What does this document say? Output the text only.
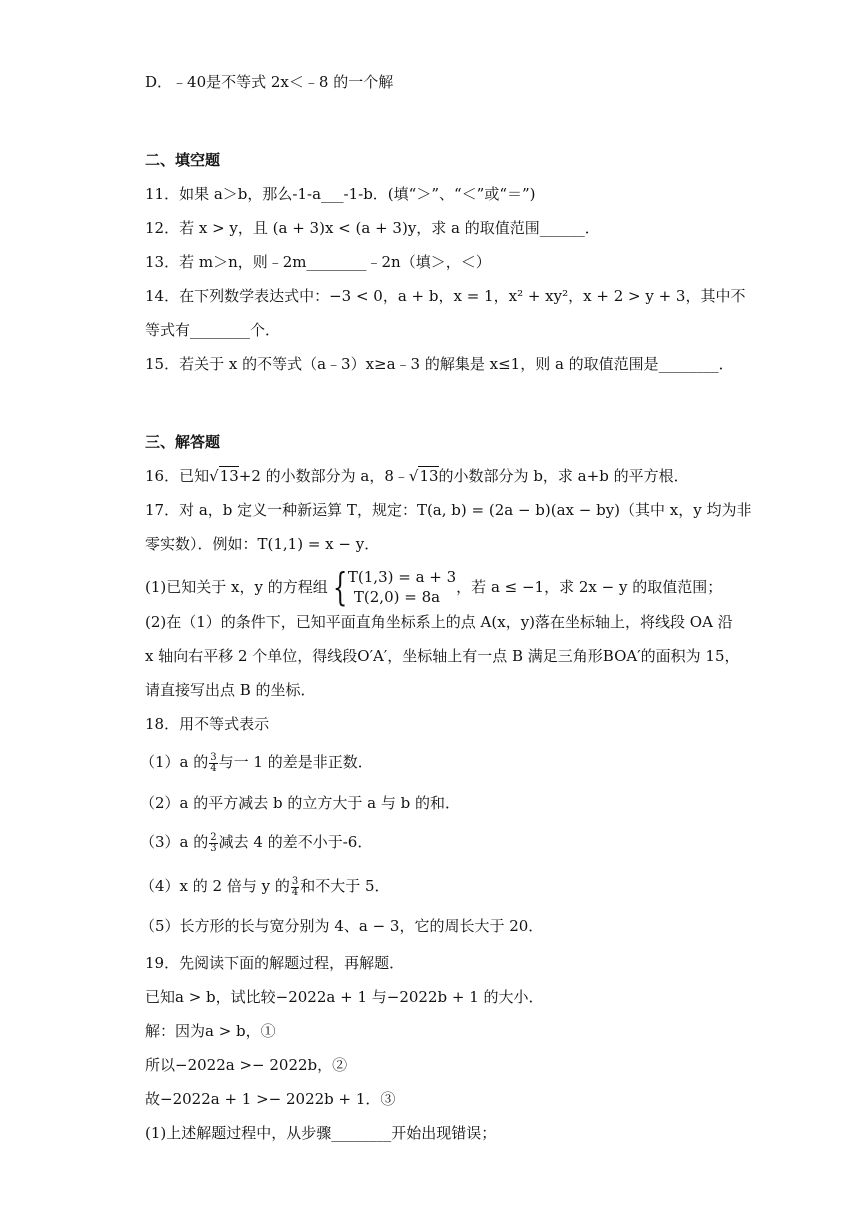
D．﹣40是不等式 2x＜﹣8 的一个解
二、填空题
11．如果 a＞b，那么-1-a___-1-b．(填“＞”、“＜”或“＝”)
12．若 x > y，且 (a + 3)x < (a + 3)y，求 a 的取值范围______．
13．若 m＞n，则﹣2m________﹣2n（填＞，＜）
14．在下列数学表达式中：−3 < 0，a + b，x = 1，x² + xy²，x + 2 > y + 3，其中不
等式有________个．
15．若关于 x 的不等式（a﹣3）x≥a﹣3 的解集是 x≤1，则 a 的取值范围是________．
三、解答题
16．已知√13+2 的小数部分为 a，8﹣√13的小数部分为 b，求 a+b 的平方根．
17．对 a，b 定义一种新运算 T，规定：T(a, b) = (2a − b)(ax − by)（其中 x，y 均为非
零实数）．例如：T(1,1) = x − y．
(1)已知关于 x，y 的方程组 { T(1,3) = a + 3
T(2,0) = 8a
，若 a ≤ −1，求 2x − y 的取值范围；
(2)在（1）的条件下，已知平面直角坐标系上的点 A(x，y)落在坐标轴上，将线段 OA 沿
x 轴向右平移 2 个单位，得线段O′A′，坐标轴上有一点 B 满足三角形BOA′的面积为 15，
请直接写出点 B 的坐标．
18．用不等式表示
（1）a 的 $\frac{3}{4}$ 与一 1 的差是非正数．
（2）a 的平方减去 b 的立方大于 a 与 b 的和．
（3）a 的 $\frac{2}{3}$ 减去 4 的差不小于-6．
（4）x 的 2 倍与 y 的 $\frac{3}{4}$ 和不大于 5．
（5）长方形的长与宽分别为 4、a − 3，它的周长大于 20．
19．先阅读下面的解题过程，再解题．
已知a > b，试比较−2022a + 1 与−2022b + 1 的大小．
解：因为a > b，①
所以−2022a >− 2022b，②
故−2022a + 1 >− 2022b + 1．③
(1)上述解题过程中，从步骤________开始出现错误；
